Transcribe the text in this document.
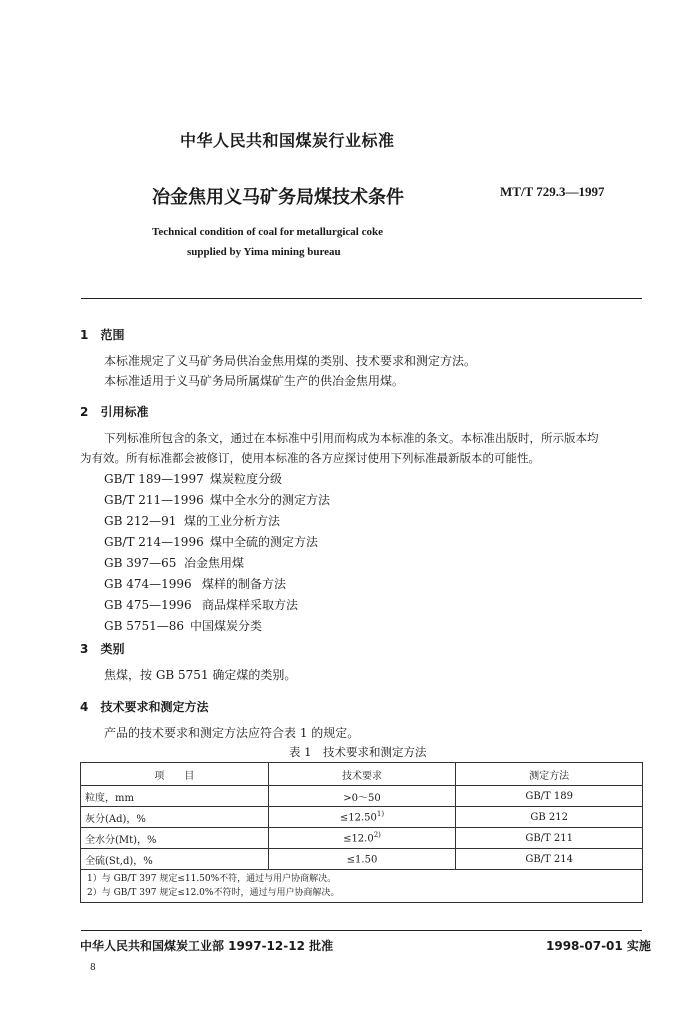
中华人民共和国煤炭行业标准
冶金焦用义马矿务局煤技术条件	MT/T 729.3—1997
Technical condition of coal for metallurgical coke
supplied by Yima mining bureau
1 范围
本标准规定了义马矿务局供冶金焦用煤的类别、技术要求和测定方法。
本标准适用于义马矿务局所属煤矿生产的供冶金焦用煤。
2 引用标准
下列标准所包含的条文，通过在本标准中引用而构成为本标准的条文。本标准出版时，所示版本均
为有效。所有标准都会被修订，使用本标准的各方应探讨使用下列标准最新版本的可能性。
GB/T 189—1997 煤炭粒度分级
GB/T 211—1996 煤中全水分的测定方法
GB 212—91 煤的工业分析方法
GB/T 214—1996 煤中全硫的测定方法
GB 397—65 冶金焦用煤
GB 474—1996 煤样的制备方法
GB 475—1996 商品煤样采取方法
GB 5751—86 中国煤炭分类
3 类别
焦煤，按 GB 5751 确定煤的类别。
4 技术要求和测定方法
产品的技术要求和测定方法应符合表 1 的规定。
表 1　技术要求和测定方法
项　　目	技术要求	测定方法
粒度，mm	>0～50	GB/T 189
灰分(Ad)，%	$\le 12.50^{1)}$	GB 212
全水分(Mt)，%	$\le 12.0^{2)}$	GB/T 211
全硫(St,d)，%	≤1.50	GB/T 214

1）与 GB/T 397 规定≤11.50%不符，通过与用户协商解决。
2）与 GB/T 397 规定≤12.0%不符时，通过与用户协商解决。		
中华人民共和国煤炭工业部 1997-12-12 批准	1998-07-01 实施
8
